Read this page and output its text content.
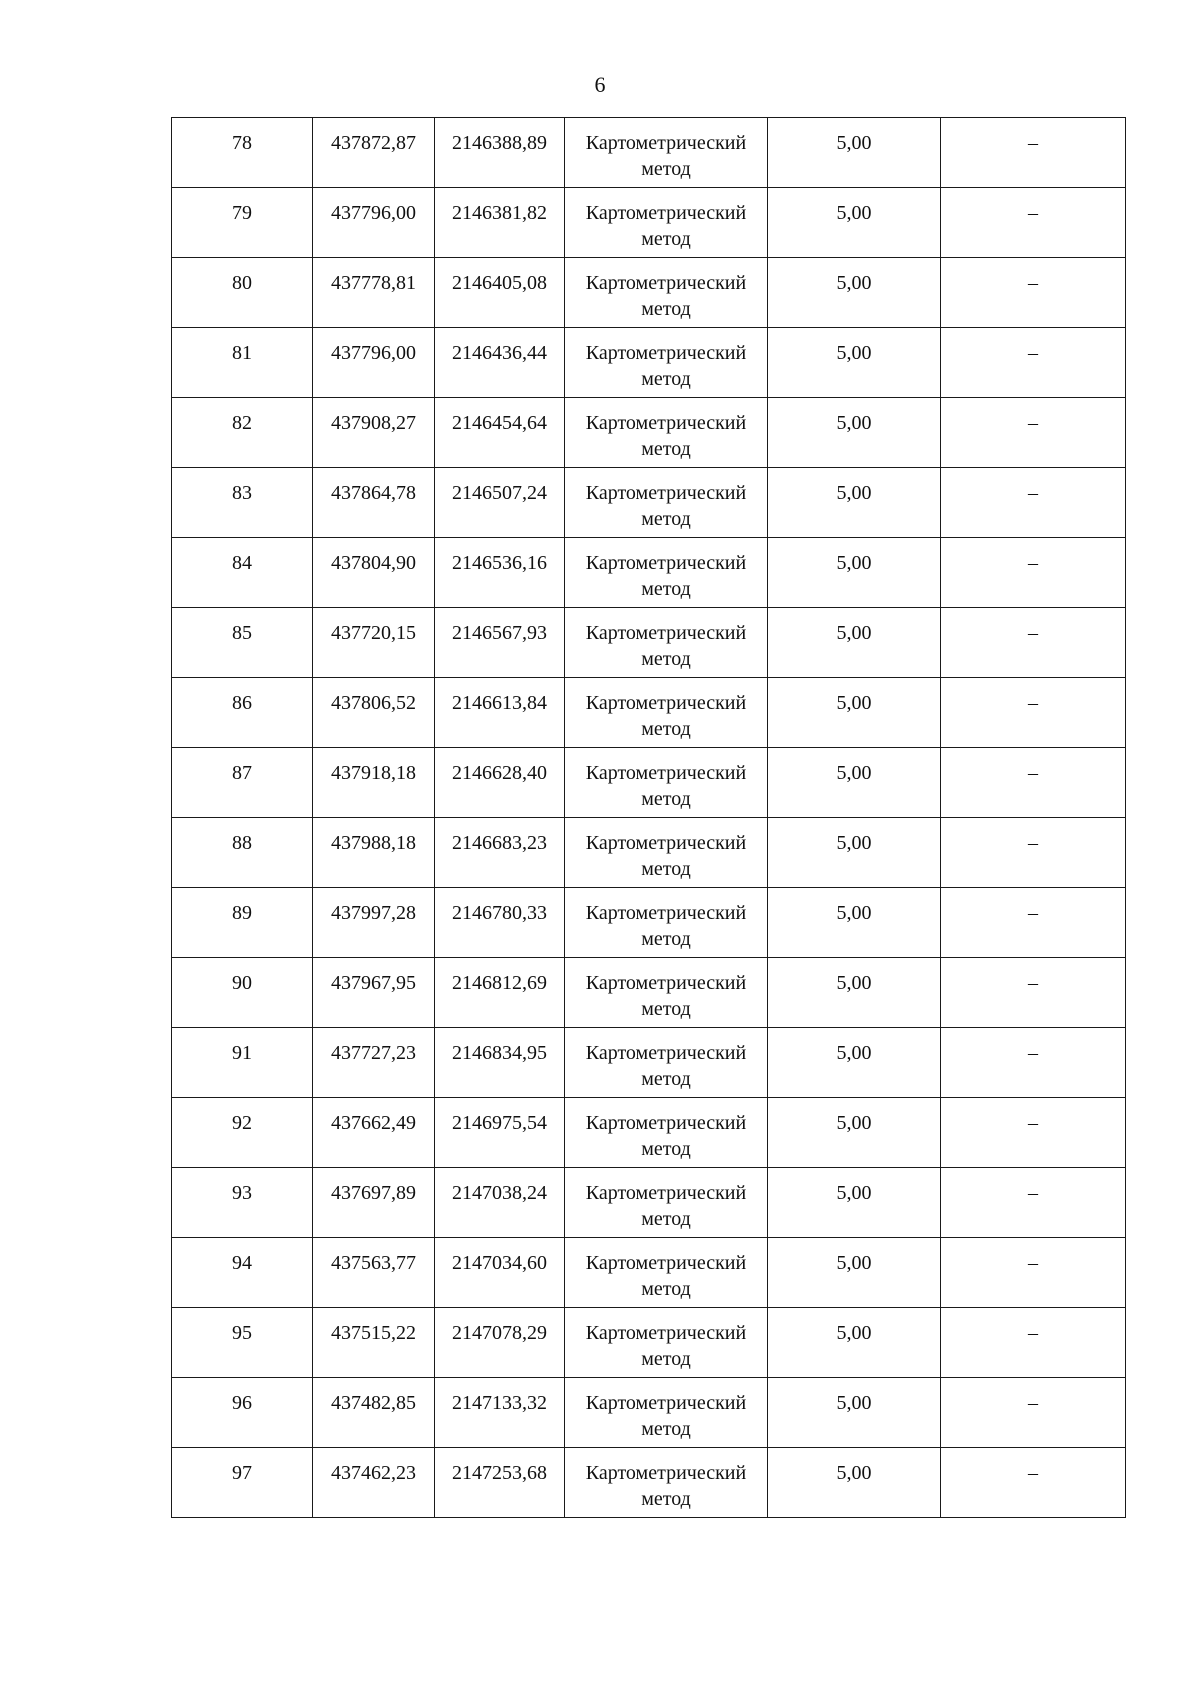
6
78	437872,87	2146388,89	Картометрический метод	5,00	–
79	437796,00	2146381,82	Картометрический метод	5,00	–
80	437778,81	2146405,08	Картометрический метод	5,00	–
81	437796,00	2146436,44	Картометрический метод	5,00	–
82	437908,27	2146454,64	Картометрический метод	5,00	–
83	437864,78	2146507,24	Картометрический метод	5,00	–
84	437804,90	2146536,16	Картометрический метод	5,00	–
85	437720,15	2146567,93	Картометрический метод	5,00	–
86	437806,52	2146613,84	Картометрический метод	5,00	–
87	437918,18	2146628,40	Картометрический метод	5,00	–
88	437988,18	2146683,23	Картометрический метод	5,00	–
89	437997,28	2146780,33	Картометрический метод	5,00	–
90	437967,95	2146812,69	Картометрический метод	5,00	–
91	437727,23	2146834,95	Картометрический метод	5,00	–
92	437662,49	2146975,54	Картометрический метод	5,00	–
93	437697,89	2147038,24	Картометрический метод	5,00	–
94	437563,77	2147034,60	Картометрический метод	5,00	–
95	437515,22	2147078,29	Картометрический метод	5,00	–
96	437482,85	2147133,32	Картометрический метод	5,00	–
97	437462,23	2147253,68	Картометрический метод	5,00	–
